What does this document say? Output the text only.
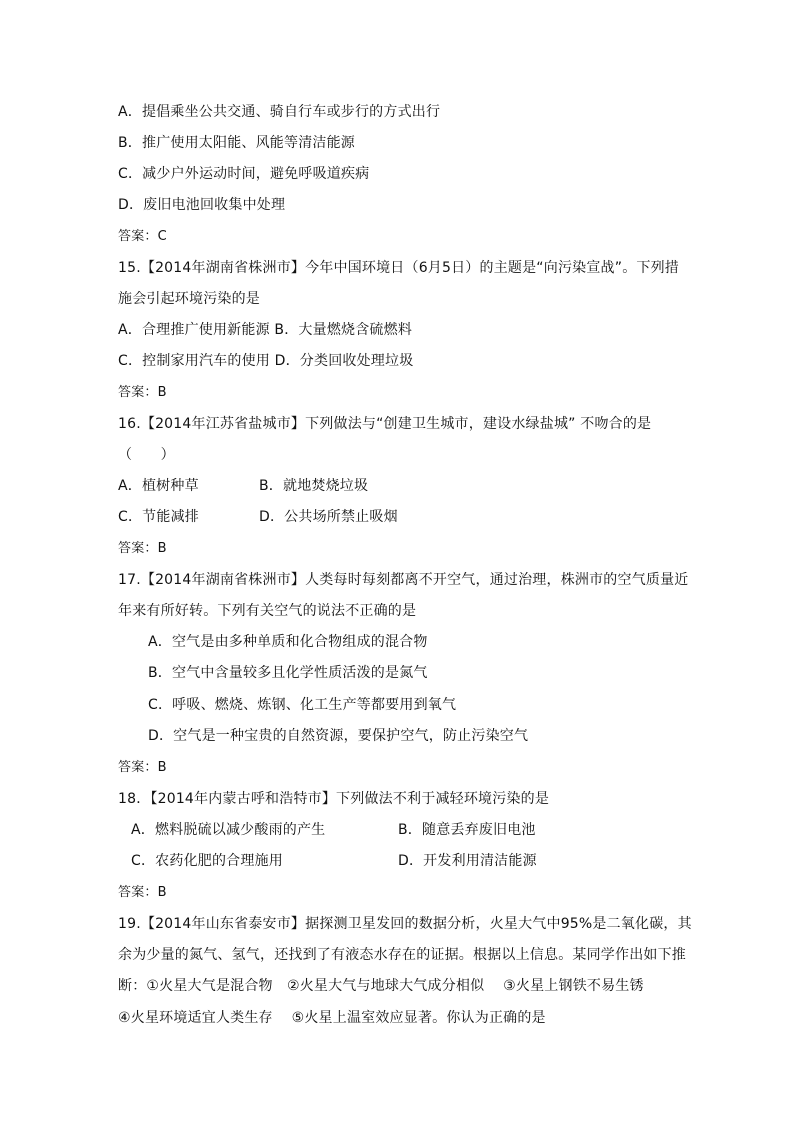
A．提倡乘坐公共交通、骑自行车或步行的方式出行
B．推广使用太阳能、风能等清洁能源
C．减少户外运动时间，避免呼吸道疾病
D．废旧电池回收集中处理
答案：C
15.【2014年湖南省株洲市】今年中国环境日（6月5日）的主题是“向污染宣战”。下列措
施会引起环境污染的是
A．合理推广使用新能源 B．大量燃烧含硫燃料
C．控制家用汽车的使用 D．分类回收处理垃圾
答案：B
16.【2014年江苏省盐城市】下列做法与“创建卫生城市，建设水绿盐城” 不吻合的是
（　　）
A．植树种草	B．就地焚烧垃圾
C．节能减排	D．公共场所禁止吸烟
答案：B
17.【2014年湖南省株洲市】人类每时每刻都离不开空气，通过治理，株洲市的空气质量近
年来有所好转。下列有关空气的说法不正确的是
A．空气是由多种单质和化合物组成的混合物
B．空气中含量较多且化学性质活泼的是氮气
C．呼吸、燃烧、炼钢、化工生产等都要用到氧气
D．空气是一种宝贵的自然资源，要保护空气，防止污染空气
答案：B
18．【2014年内蒙古呼和浩特市】下列做法不利于减轻环境污染的是
A．燃料脱硫以减少酸雨的产生	B．随意丢弃废旧电池
C．农药化肥的合理施用	D．开发利用清洁能源
答案：B
19.【2014年山东省泰安市】据探测卫星发回的数据分析，火星大气中95%是二氧化碳，其
余为少量的氮气、氢气，还找到了有液态水存在的证据。根据以上信息。某同学作出如下推
断：①火星大气是混合物　②火星大气与地球大气成分相似　 ③火星上钢铁不易生锈
④火星环境适宜人类生存　 ⑤火星上温室效应显著。你认为正确的是
